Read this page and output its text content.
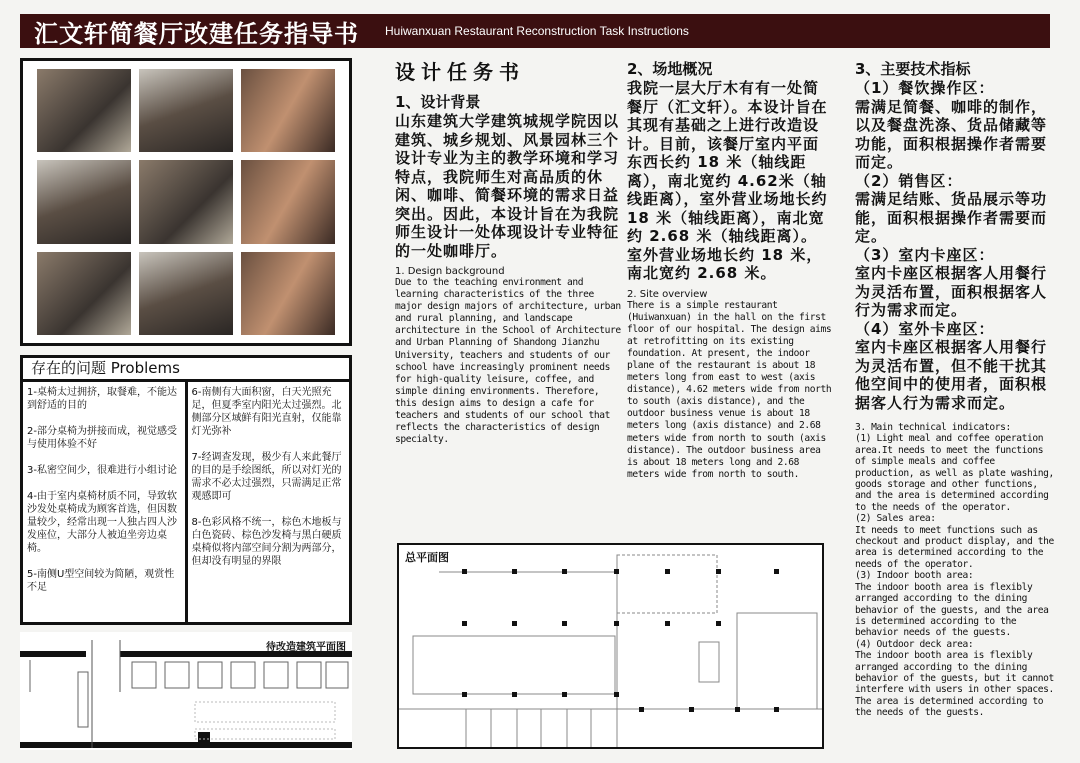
汇文轩简餐厅改建任务指导书 Huiwanxuan Restaurant Reconstruction Task Instructions
存在的问题 Problems

1-桌椅太过拥挤，取餐难，不能达到舒适的目的

2-部分桌椅为拼接而成，视觉感受与使用体验不好

3-私密空间少，很难进行小组讨论

4-由于室内桌椅材质不同，导致软沙发处桌椅成为顾客首选，但因数量较少，经常出现一人独占四人沙发座位，大部分人被迫坐旁边桌椅。

5-南侧U型空间较为简陋，观赏性不足

6-南侧有大面积窗，白天光照充足，但夏季室内阳光太过强烈。北侧部分区域鲜有阳光直射，仅能靠灯光弥补

7-经调查发现，极少有人来此餐厅的目的是手绘图纸，所以对灯光的需求不必太过强烈，只需满足正常观感即可

8-色彩风格不统一，棕色木地板与白色瓷砖、棕色沙发椅与黑白硬质桌椅似将内部空间分割为两部分，但却没有明显的界限

待改造建筑平面图
设计任务书
1、设计背景
山东建筑大学建筑城规学院因以建筑、城乡规划、风景园林三个设计专业为主的教学环境和学习特点，我院师生对高品质的休闲、咖啡、简餐环境的需求日益突出。因此，本设计旨在为我院师生设计一处体现设计专业特征的一处咖啡厅。
1. Design background
Due to the teaching environment and learning characteristics of the three major design majors of architecture, urban and rural planning, and landscape architecture in the School of Architecture and Urban Planning of Shandong Jianzhu University, teachers and students of our school have increasingly prominent needs for high-quality leisure, coffee, and simple dining environments. Therefore, this design aims to design a cafe for teachers and students of our school that reflects the characteristics of design specialty.
2、场地概况
我院一层大厅木有有一处简餐厅（汇文轩）。本设计旨在其现有基础之上进行改造设计。目前，该餐厅室内平面东西长约 18 米（轴线距离），南北宽约 4.62米（轴线距离），室外营业场地长约 18 米（轴线距离），南北宽约 2.68 米（轴线距离）。室外营业场地长约 18 米，南北宽约 2.68 米。
2. Site overview
There is a simple restaurant (Huiwanxuan) in the hall on the first floor of our hospital. The design aims at retrofitting on its existing foundation. At present, the indoor plane of the restaurant is about 18 meters long from east to west (axis distance), 4.62 meters wide from north to south (axis distance), and the outdoor business venue is about 18 meters long (axis distance) and 2.68 meters wide from north to south (axis distance). The outdoor business area is about 18 meters long and 2.68 meters wide from north to south.
3、主要技术指标
（1）餐饮操作区：
需满足简餐、咖啡的制作，以及餐盘洗涤、货品储藏等功能，面积根据操作者需要而定。
（2）销售区：
需满足结账、货品展示等功能，面积根据操作者需要而定。
（3）室内卡座区：
室内卡座区根据客人用餐行为灵活布置，面积根据客人行为需求而定。
（4）室外卡座区：
室内卡座区根据客人用餐行为灵活布置，但不能干扰其他空间中的使用者，面积根据客人行为需求而定。
3. Main technical indicators:
(1) Light meal and coffee operation area.It needs to meet the functions of simple meals and coffee production, as well as plate washing, goods storage and other functions, and the area is determined according to the needs of the operator.
(2) Sales area:
It needs to meet functions such as checkout and product display, and the area is determined according to the needs of the operator.
(3) Indoor booth area:
The indoor booth area is flexibly arranged according to the dining behavior of the guests, and the area is determined according to the behavior needs of the guests.
(4) Outdoor deck area:
The indoor booth area is flexibly arranged according to the dining behavior of the guests, but it cannot interfere with users in other spaces.
The area is determined according to the needs of the guests.
总平面图
